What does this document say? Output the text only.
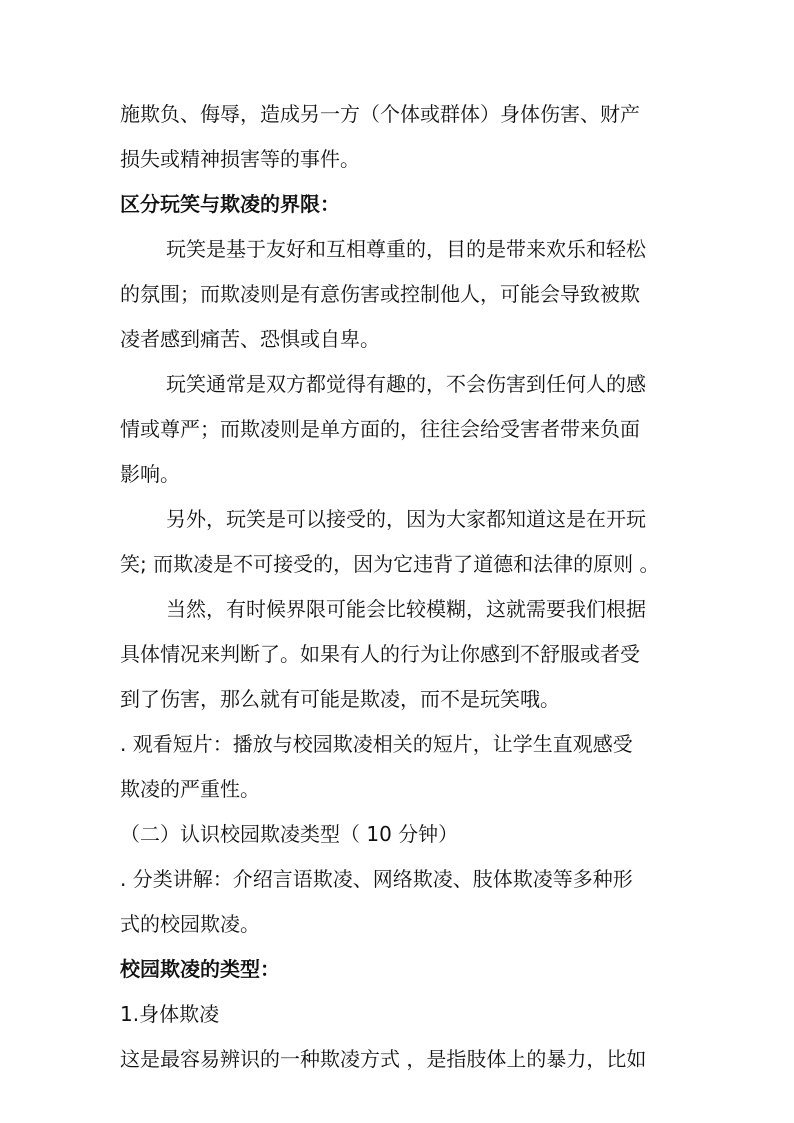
施欺负、侮辱，造成另一方（个体或群体）身体伤害、财产
损失或精神损害等的事件。
区分玩笑与欺凌的界限：
玩笑是基于友好和互相尊重的，目的是带来欢乐和轻松
的氛围；而欺凌则是有意伤害或控制他人，可能会导致被欺
凌者感到痛苦、恐惧或自卑。
玩笑通常是双方都觉得有趣的，不会伤害到任何人的感
情或尊严；而欺凌则是单方面的，往往会给受害者带来负面
影响。
另外，玩笑是可以接受的，因为大家都知道这是在开玩
笑; 而欺凌是不可接受的，因为它违背了道德和法律的原则 。
当然，有时候界限可能会比较模糊，这就需要我们根据
具体情况来判断了。如果有人的行为让你感到不舒服或者受
到了伤害，那么就有可能是欺凌，而不是玩笑哦。
. 观看短片：播放与校园欺凌相关的短片，让学生直观感受
欺凌的严重性。
（二）认识校园欺凌类型（ 10 分钟）
. 分类讲解：介绍言语欺凌、网络欺凌、肢体欺凌等多种形
式的校园欺凌。
校园欺凌的类型：
1.身体欺凌
这是最容易辨识的一种欺凌方式 ，是指肢体上的暴力，比如
